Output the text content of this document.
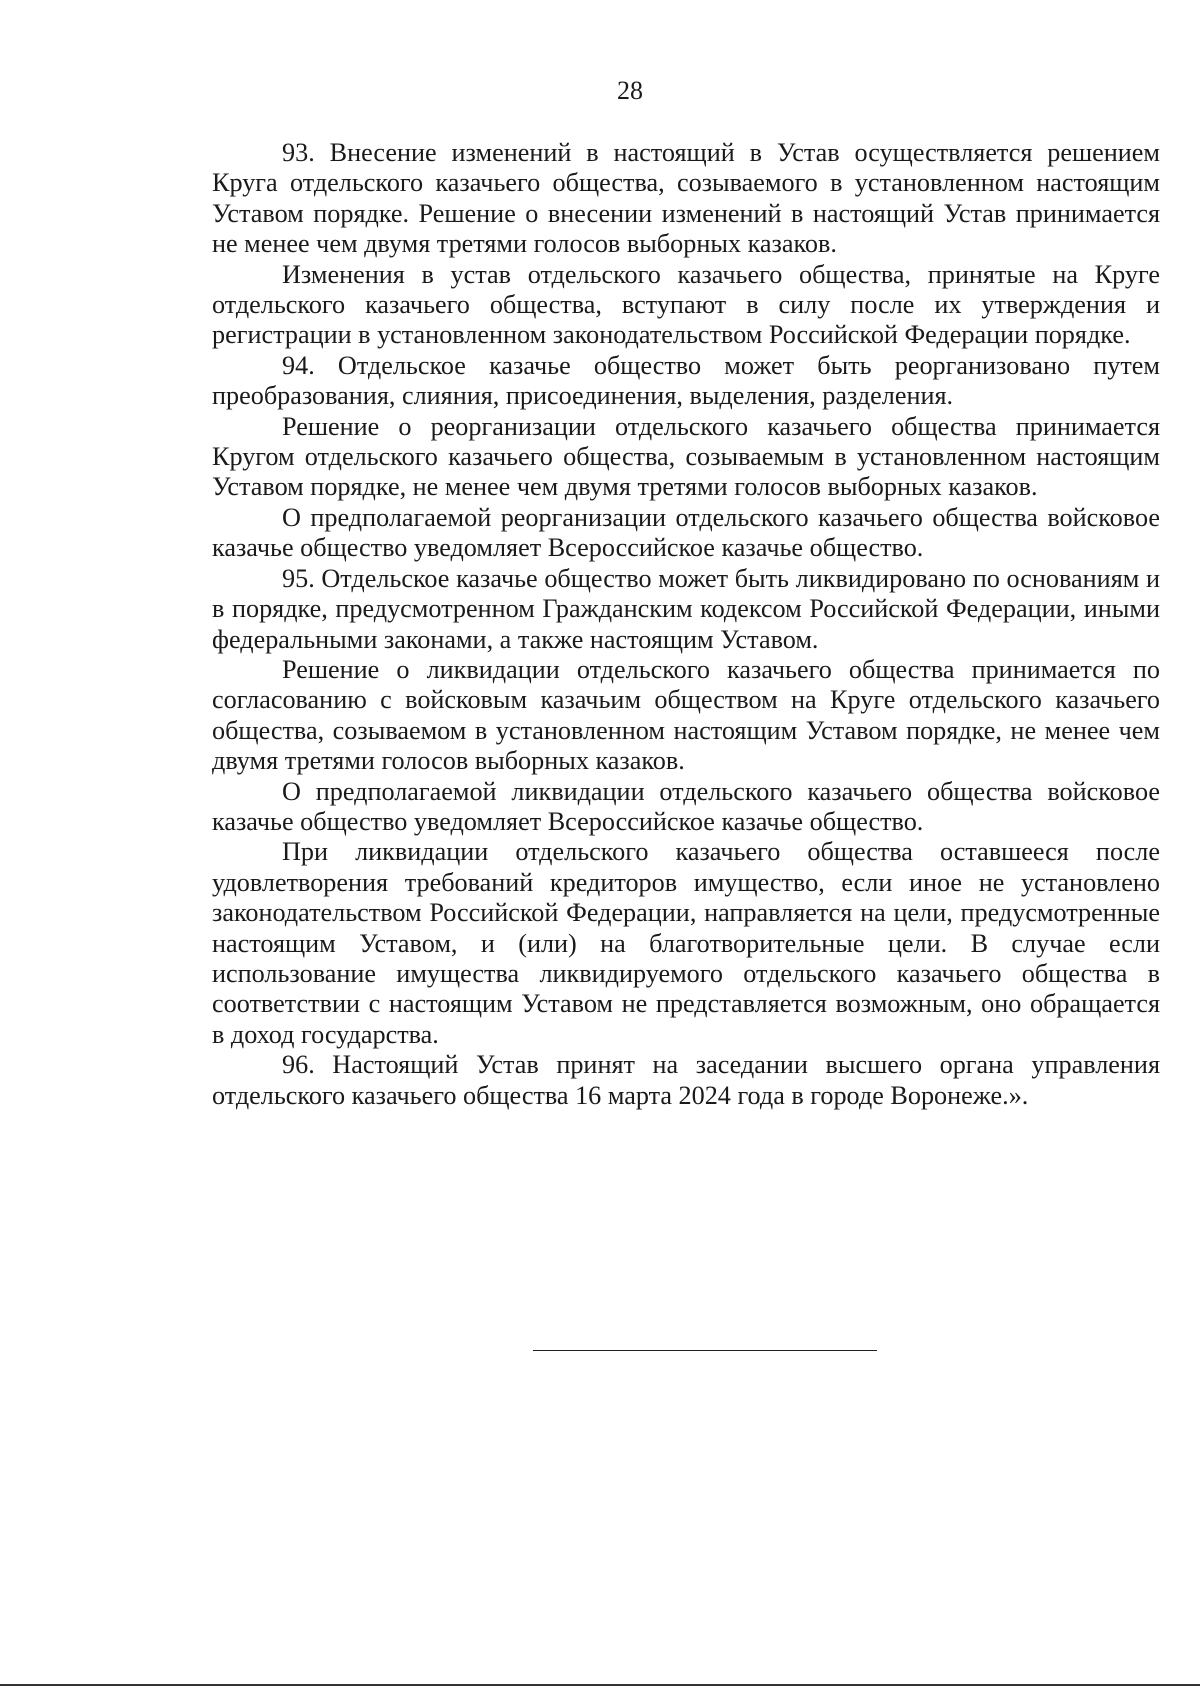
28

93. Внесение изменений в настоящий в Устав осуществляется решением Круга отдельского казачьего общества, созываемого в установленном настоящим Уставом порядке. Решение о внесении изменений в настоящий Устав принимается не менее чем двумя третями голосов выборных казаков.

Изменения в устав отдельского казачьего общества, принятые на Круге отдельского казачьего общества, вступают в силу после их утверждения и регистрации в установленном законодательством Российской Федерации порядке.

94. Отдельское казачье общество может быть реорганизовано путем преобразования, слияния, присоединения, выделения, разделения.

Решение о реорганизации отдельского казачьего общества принимается Кругом отдельского казачьего общества, созываемым в установленном настоящим Уставом порядке, не менее чем двумя третями голосов выборных казаков.

О предполагаемой реорганизации отдельского казачьего общества войсковое казачье общество уведомляет Всероссийское казачье общество.

95. Отдельское казачье общество может быть ликвидировано по основаниям и в порядке, предусмотренном Гражданским кодексом Российской Федерации, иными федеральными законами, а также настоящим Уставом.

Решение о ликвидации отдельского казачьего общества принимается по согласованию с войсковым казачьим обществом на Круге отдельского казачьего общества, созываемом в установленном настоящим Уставом порядке, не менее чем двумя третями голосов выборных казаков.

О предполагаемой ликвидации отдельского казачьего общества войсковое казачье общество уведомляет Всероссийское казачье общество.

При ликвидации отдельского казачьего общества оставшееся после удовлетворения требований кредиторов имущество, если иное не установлено законодательством Российской Федерации, направляется на цели, предусмотренные настоящим Уставом, и (или) на благотворительные цели. В случае если использование имущества ликвидируемого отдельского казачьего общества в соответствии с настоящим Уставом не представляется возможным, оно обращается в доход государства.

96. Настоящий Устав принят на заседании высшего органа управления отдельского казачьего общества 16 марта 2024 года в городе Воронеже.».
